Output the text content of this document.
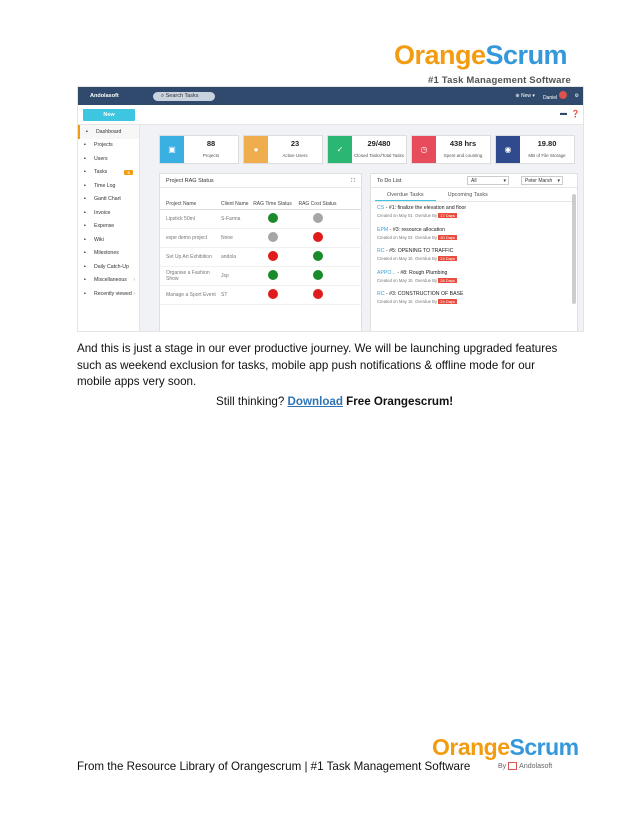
OrangeScrum
#1 Task Management Software
Andolasoft	⌕ Search Tasks	⊕ New ▾ Daniel	⚙
▬ ❓
New
▪	Dashboard
▪	Projects
▪	Users
▪	Tasks	5
▪	Time Log
▪	Gantt Chart
▪	Invoice
▪	Expense
▪	Wiki
▪	Milestones
▪	Daily Catch-Up
▪	Miscellaneous ›
▪	Recently viewed ›
▣
88
Projects
●
23
Active Users
✓
29/480
Closed Tasks/Total Tasks
◷
438 hrs
Spent and counting
◉
19.80
MB of File Storage
Project RAG Status	⛶
Project Name	Client Name RAG Time Status	RAG Cost Status
Lipstick 50ml	S-Farma
expe demo project	None
Set Up Art Exhibition	andola
Organise a Fashion Show	Jsp
Manage a Sport Event	ST
To Do List	All	▾	Peter Marsh ▾
Overdue Tasks	Upcoming Tasks
CS - #1: finalize the elevation and floor
Created on May 01 Overdue By 17 Days
EPM - #3: resource allocation
Created on May 02 Overdue By 30 Days
RC - #5: OPENING TO TRAFFIC
Created on May 15 Overdue By 24 Days
APPO... - #8: Rough Plumbing
Created on May 15 Overdue By 26 Days
RC - #3: CONSTRUCTION OF BASE
Created on May 15 Overdue By 24 Days
And this is just a stage in our ever productive journey. We will be launching upgraded features such as weekend exclusion for tasks, mobile app push notifications & offline mode for our mobile apps very soon.
Still thinking? Download Free Orangescrum!
OrangeScrum
By Andolasoft
From the Resource Library of Orangescrum | #1 Task Management Software
